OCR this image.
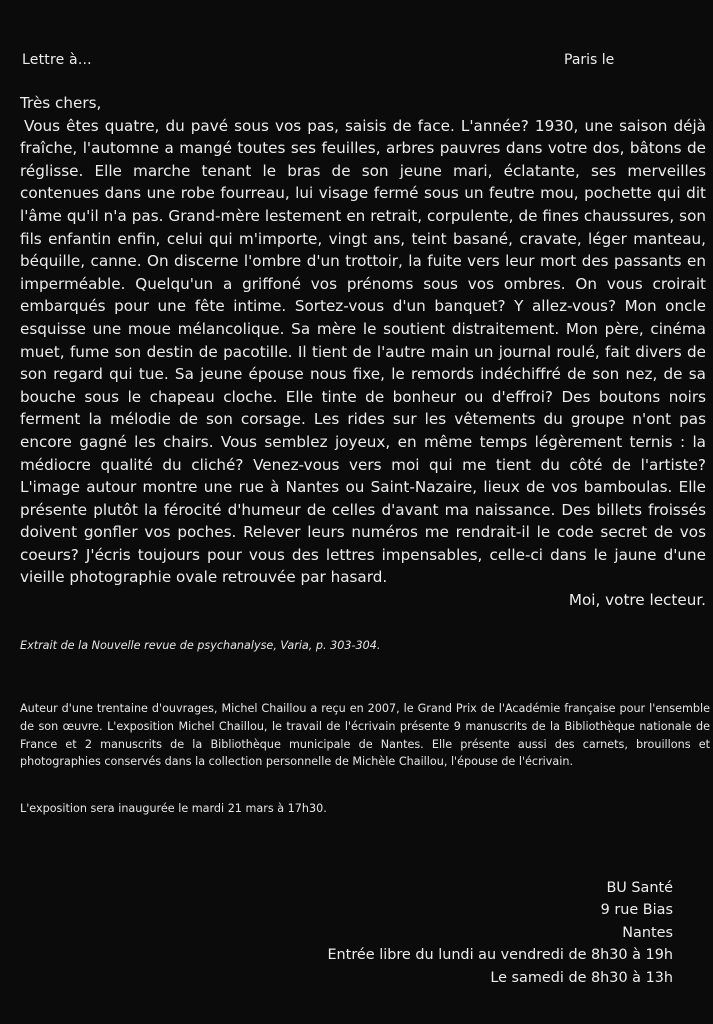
Lettre à...	Paris le
Très chers,

Vous êtes quatre, du pavé sous vos pas, saisis de face. L'année? 1930, une saison déjà fraîche, l'automne a mangé toutes ses feuilles, arbres pauvres dans votre dos, bâtons de réglisse. Elle marche tenant le bras de son jeune mari, éclatante, ses merveilles contenues dans une robe fourreau, lui visage fermé sous un feutre mou, pochette qui dit l'âme qu'il n'a pas. Grand-mère lestement en retrait, corpulente, de fines chaussures, son fils enfantin enfin, celui qui m'importe, vingt ans, teint basané, cravate, léger manteau, béquille, canne. On discerne l'ombre d'un trottoir, la fuite vers leur mort des passants en imperméable. Quelqu'un a griffoné vos prénoms sous vos ombres. On vous croirait embarqués pour une fête intime. Sortez-vous d'un banquet? Y allez-vous? Mon oncle esquisse une moue mélancolique. Sa mère le soutient distraitement. Mon père, cinéma muet, fume son destin de pacotille. Il tient de l'autre main un journal roulé, fait divers de son regard qui tue. Sa jeune épouse nous fixe, le remords indéchiffré de son nez, de sa bouche sous le chapeau cloche. Elle tinte de bonheur ou d'effroi? Des boutons noirs ferment la mélodie de son corsage. Les rides sur les vêtements du groupe n'ont pas encore gagné les chairs. Vous semblez joyeux, en même temps légèrement ternis : la médiocre qualité du cliché? Venez-vous vers moi qui me tient du côté de l'artiste? L'image autour montre une rue à Nantes ou Saint-Nazaire, lieux de vos bamboulas. Elle présente plutôt la férocité d'humeur de celles d'avant ma naissance. Des billets froissés doivent gonfler vos poches. Relever leurs numéros me rendrait-il le code secret de vos coeurs? J'écris toujours pour vous des lettres impensables, celle-ci dans le jaune d'une vieille photographie ovale retrouvée par hasard.

Moi, votre lecteur.

Extrait de la Nouvelle revue de psychanalyse, Varia, p. 303-304.

Auteur d'une trentaine d'ouvrages, Michel Chaillou a reçu en 2007, le Grand Prix de l'Académie française pour l'ensemble de son œuvre. L'exposition Michel Chaillou, le travail de l'écrivain présente 9 manuscrits de la Bibliothèque nationale de France et 2 manuscrits de la Bibliothèque municipale de Nantes. Elle présente aussi des carnets, brouillons et photographies conservés dans la collection personnelle de Michèle Chaillou, l'épouse de l'écrivain.

L'exposition sera inaugurée le mardi 21 mars à 17h30.
BU Santé
9 rue Bias
Nantes
Entrée libre du lundi au vendredi de 8h30 à 19h
Le samedi de 8h30 à 13h
